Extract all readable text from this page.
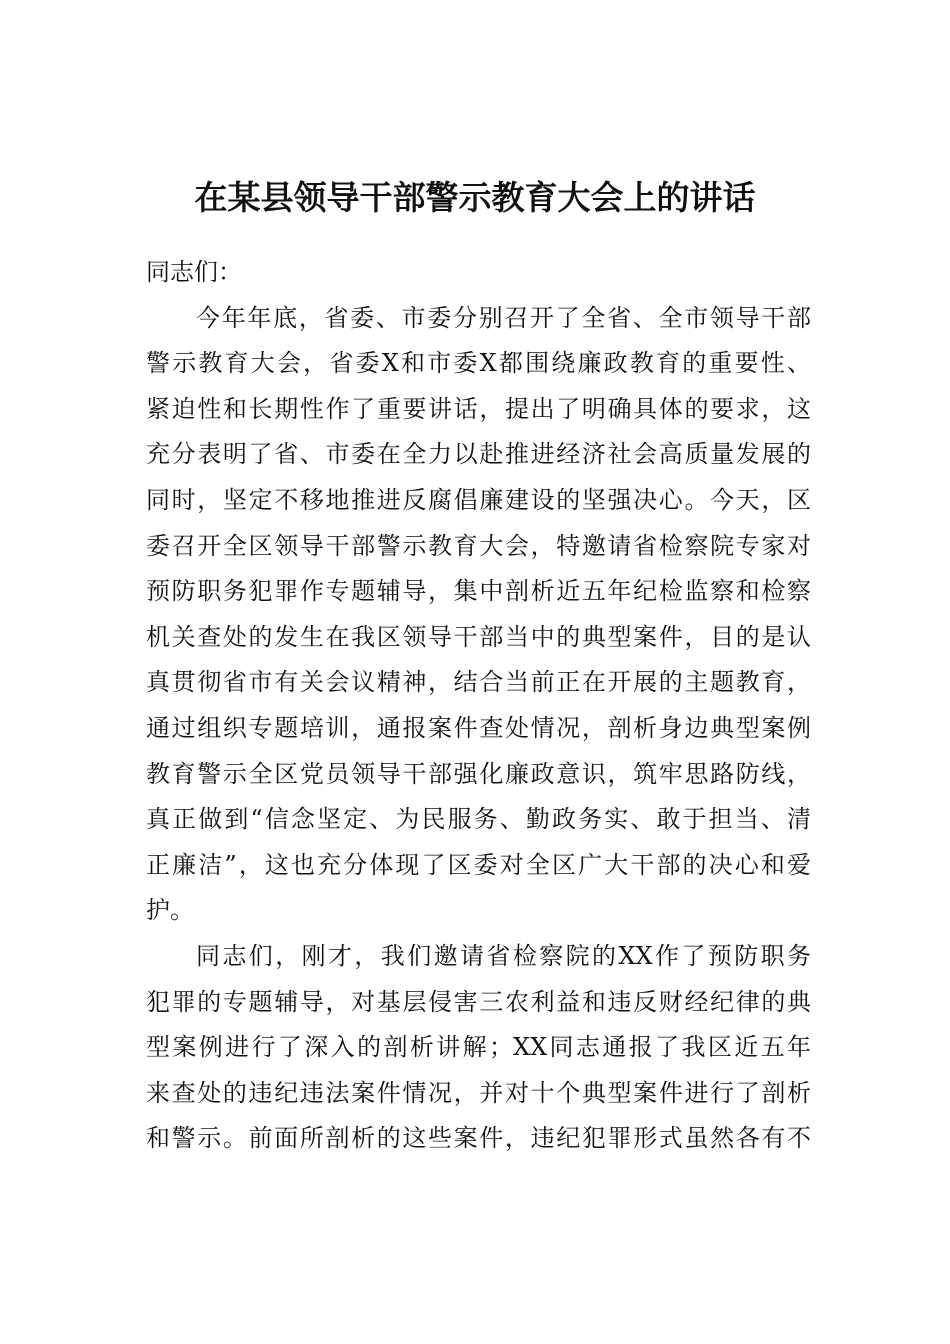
在某县领导干部警示教育大会上的讲话
同志们：
今年年底，省委、市委分别召开了全省、全市领导干部
警示教育大会，省委X和市委X都围绕廉政教育的重要性、
紧迫性和长期性作了重要讲话，提出了明确具体的要求，这
充分表明了省、市委在全力以赴推进经济社会高质量发展的
同时，坚定不移地推进反腐倡廉建设的坚强决心。今天，区
委召开全区领导干部警示教育大会，特邀请省检察院专家对
预防职务犯罪作专题辅导，集中剖析近五年纪检监察和检察
机关查处的发生在我区领导干部当中的典型案件，目的是认
真贯彻省市有关会议精神，结合当前正在开展的主题教育，
通过组织专题培训，通报案件查处情况，剖析身边典型案例
教育警示全区党员领导干部强化廉政意识，筑牢思路防线，
真正做到“信念坚定、为民服务、勤政务实、敢于担当、清
正廉洁”，这也充分体现了区委对全区广大干部的决心和爱
护。
同志们，刚才，我们邀请省检察院的XX作了预防职务
犯罪的专题辅导，对基层侵害三农利益和违反财经纪律的典
型案例进行了深入的剖析讲解；XX同志通报了我区近五年
来查处的违纪违法案件情况，并对十个典型案件进行了剖析
和警示。前面所剖析的这些案件，违纪犯罪形式虽然各有不
